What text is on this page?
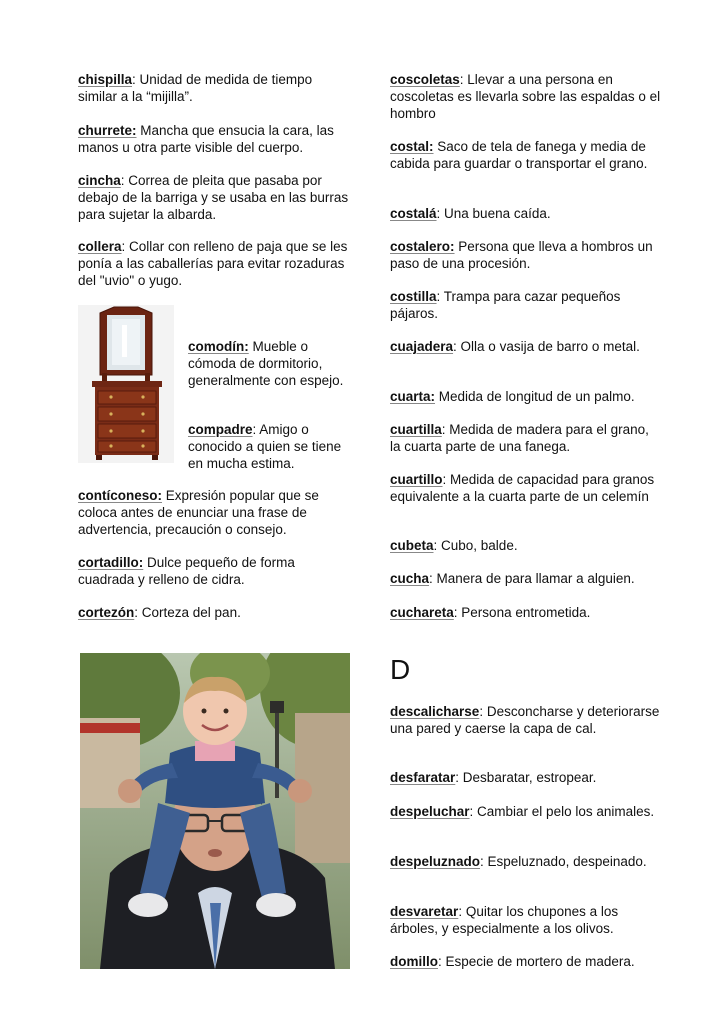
chispilla: Unidad de medida de tiempo similar a la “mijilla”.
churrete: Mancha que ensucia la cara, las manos u otra parte visible del cuerpo.
cincha: Correa de pleita que pasaba por debajo de la barriga y se usaba en las burras para sujetar la albarda.
collera: Collar con relleno de paja que se les ponía a las caballerías para evitar rozaduras del "uvio" o yugo.
comodín: Mueble o cómoda de dormitorio, generalmente con espejo.
compadre: Amigo o conocido a quien se tiene en mucha estima.
contíconeso: Expresión popular que se coloca antes de enunciar una frase de advertencia, precaución o consejo.
cortadillo: Dulce pequeño de forma cuadrada y relleno de cidra.
cortezón: Corteza del pan.
coscoletas: Llevar a una persona en coscoletas es llevarla sobre las espaldas o el hombro
costal: Saco de tela de fanega y media de cabida para guardar o transportar el grano.
costalá: Una buena caída.
costalero: Persona que lleva a hombros un paso de una procesión.
costilla: Trampa para cazar pequeños pájaros.
cuajadera: Olla o vasija de barro o metal.
cuarta: Medida de longitud de un palmo.
cuartilla: Medida de madera para el grano, la cuarta parte de una fanega.
cuartillo: Medida de capacidad para granos equivalente a la cuarta parte de un celemín
cubeta: Cubo, balde.
cucha: Manera de para llamar a alguien.
cuchareta: Persona entrometida.
D
descalicharse: Desconcharse y deteriorarse una pared y caerse la capa de cal.
desfaratar: Desbaratar, estropear.
despeluchar: Cambiar el pelo los animales.
despeluznado: Espeluznado, despeinado.
desvaretar: Quitar los chupones a los árboles, y especialmente a los olivos.
domillo: Especie de mortero de madera.
